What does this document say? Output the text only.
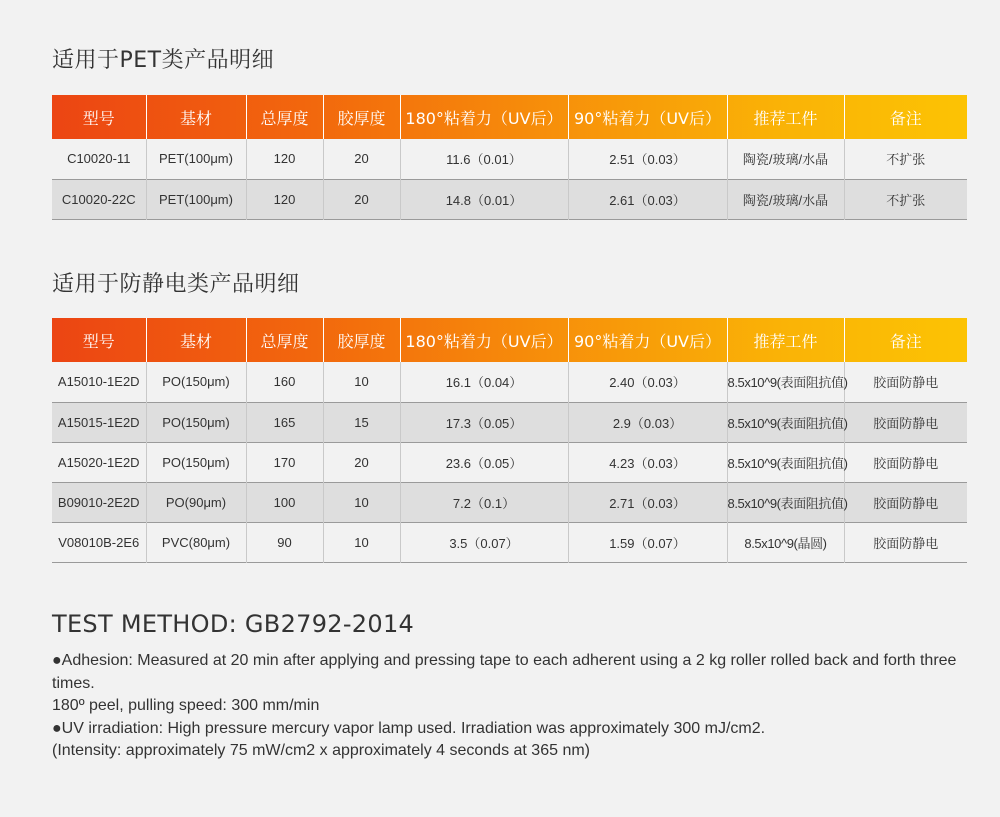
适用于PET类产品明细
型号	基材	总厚度	胶厚度	180°粘着力（UV后）	90°粘着力（UV后）	推荐工件	备注
C10020-11	PET(100μm)	120	20	11.6（0.01）	2.51（0.03）	陶瓷/玻璃/水晶	不扩张
C10020-22C	PET(100μm)	120	20	14.8（0.01）	2.61（0.03）	陶瓷/玻璃/水晶	不扩张
适用于防静电类产品明细
型号	基材	总厚度	胶厚度	180°粘着力（UV后）	90°粘着力（UV后）	推荐工件	备注
A15010-1E2D	PO(150μm)	160	10	16.1（0.04）	2.40（0.03）	8.5x10^9(表面阻抗值)	胶面防静电
A15015-1E2D	PO(150μm)	165	15	17.3（0.05）	2.9（0.03）	8.5x10^9(表面阻抗值)	胶面防静电
A15020-1E2D	PO(150μm)	170	20	23.6（0.05）	4.23（0.03）	8.5x10^9(表面阻抗值)	胶面防静电
B09010-2E2D	PO(90μm)	100	10	7.2（0.1）	2.71（0.03）	8.5x10^9(表面阻抗值)	胶面防静电
V08010B-2E6	PVC(80μm)	90	10	3.5（0.07）	1.59（0.07）	8.5x10^9(晶圆)	胶面防静电
TEST METHOD: GB2792-2014

●Adhesion: Measured at 20 min after applying and pressing tape to each adherent using a 2 kg roller rolled back and forth three times.

180º peel, pulling speed: 300 mm/min

●UV irradiation: High pressure mercury vapor lamp used. Irradiation was approximately 300 mJ/cm2.

(Intensity: approximately 75 mW/cm2 x approximately 4 seconds at 365 nm)
